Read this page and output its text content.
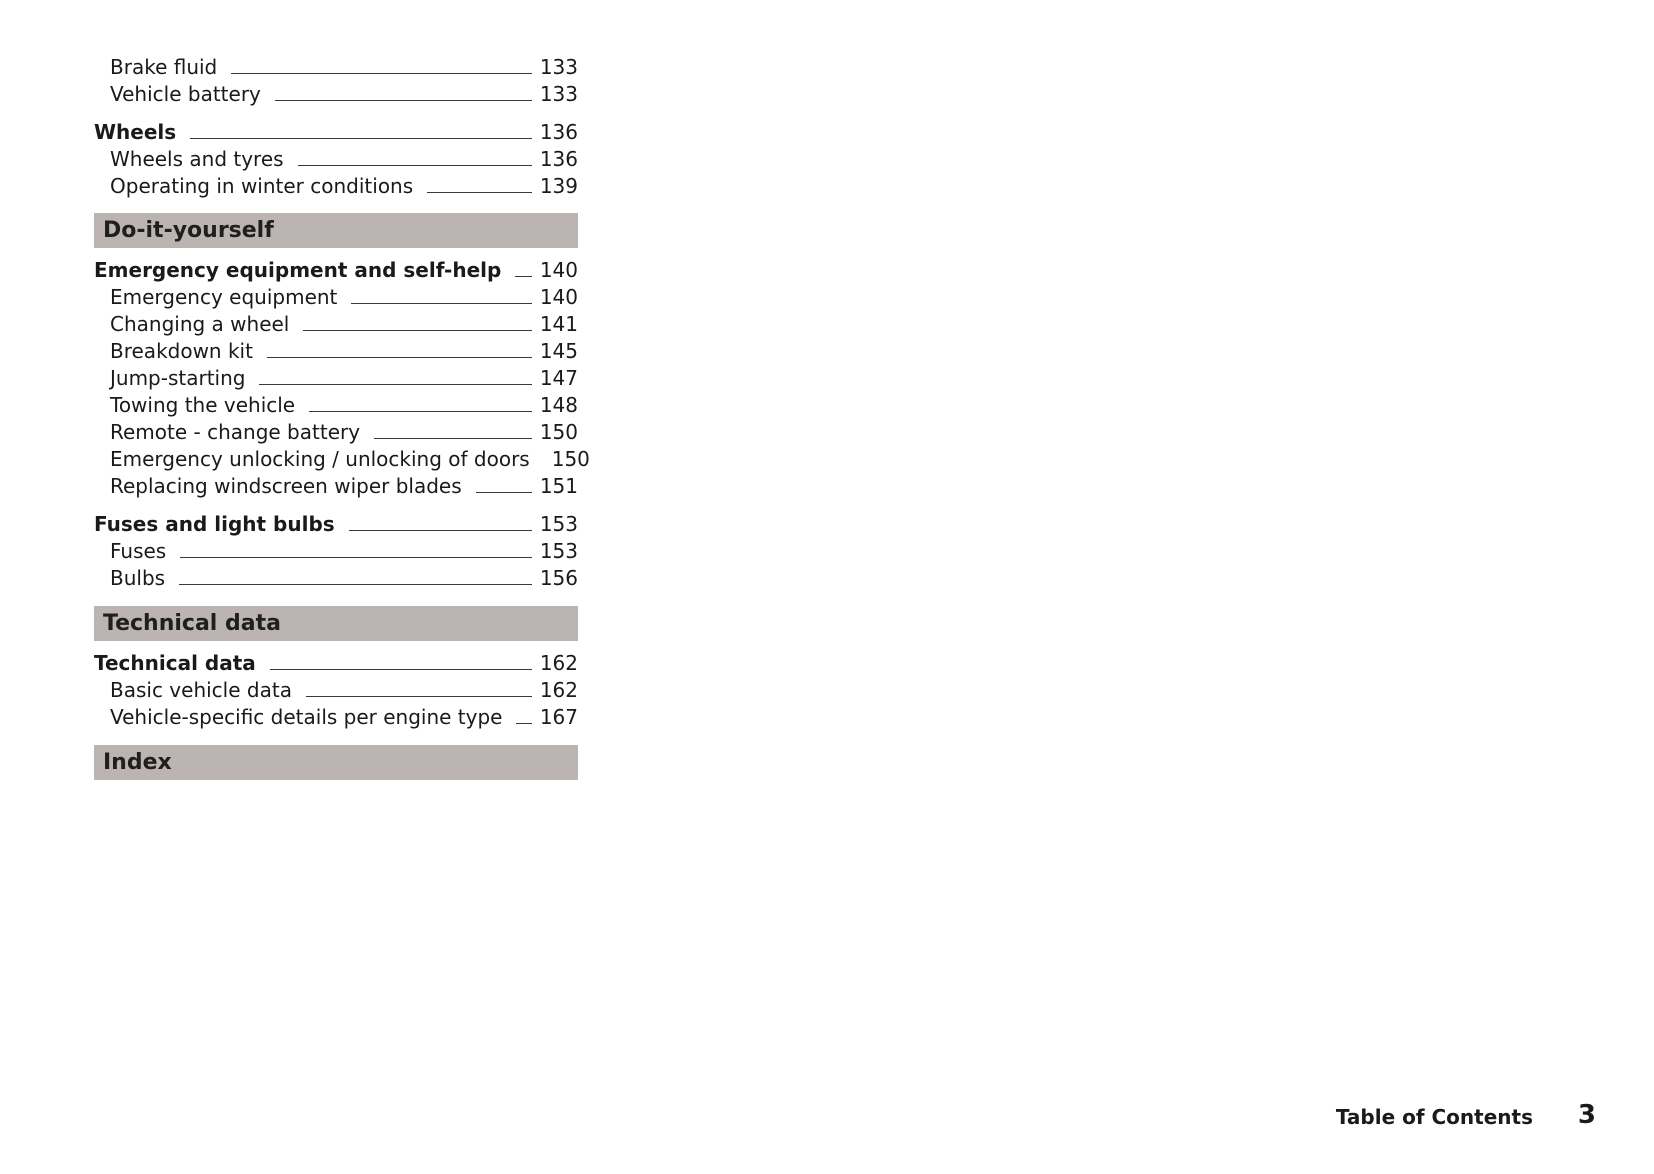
Brake fluid	133
Vehicle battery	133
Wheels	136
Wheels and tyres	136
Operating in winter conditions	139
Do-it-yourself
Emergency equipment and self-help 140
Emergency equipment	140
Changing a wheel	141
Breakdown kit	145
Jump-starting	147
Towing the vehicle	148
Remote - change battery	150
Emergency unlocking / unlocking of doors 150
Replacing windscreen wiper blades	151
Fuses and light bulbs	153
Fuses	153
Bulbs	156
Technical data
Technical data	162
Basic vehicle data	162
Vehicle-specific details per engine type 167
Index
Table of Contents 3
